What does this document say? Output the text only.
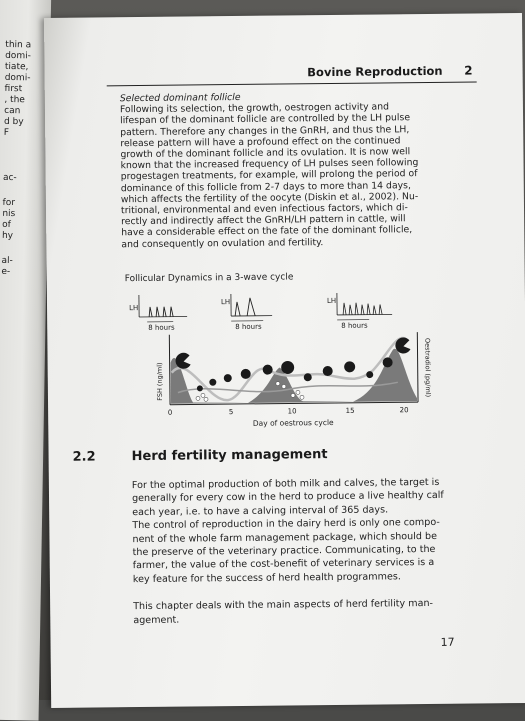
thin a
domi-
tiate,
domi-
first
, the
can
d by
F
ac-
for
nis
of
hy
al-
e-
Bovine Reproduction 2
Selected dominant follicle
Following its selection, the growth, oestrogen activity and
lifespan of the dominant follicle are controlled by the LH pulse
pattern. Therefore any changes in the GnRH, and thus the LH,
release pattern will have a profound effect on the continued
growth of the dominant follicle and its ovulation. It is now well
known that the increased frequency of LH pulses seen following
progestagen treatments, for example, will prolong the period of
dominance of this follicle from 2-7 days to more than 14 days,
which affects the fertility of the oocyte (Diskin et al., 2002). Nu-
tritional, environmental and even infectious factors, which di-
rectly and indirectly affect the GnRH/LH pattern in cattle, will
have a considerable effect on the fate of the dominant follicle,
and consequently on ovulation and fertility.
Follicular Dynamics in a 3-wave cycle
LH
8 hours
LH
8 hours
LH
8 hours
FSH (ng/ml)	Oestradiol (pg/ml)
0	5	10	15	20
Day of oestrous cycle
2.2	Herd fertility management
For the optimal production of both milk and calves, the target is
generally for every cow in the herd to produce a live healthy calf
each year, i.e. to have a calving interval of 365 days.
The control of reproduction in the dairy herd is only one compo-
nent of the whole farm management package, which should be
the preserve of the veterinary practice. Communicating, to the
farmer, the value of the cost-benefit of veterinary services is a
key feature for the success of herd health programmes.
This chapter deals with the main aspects of herd fertility man-
agement.
17
